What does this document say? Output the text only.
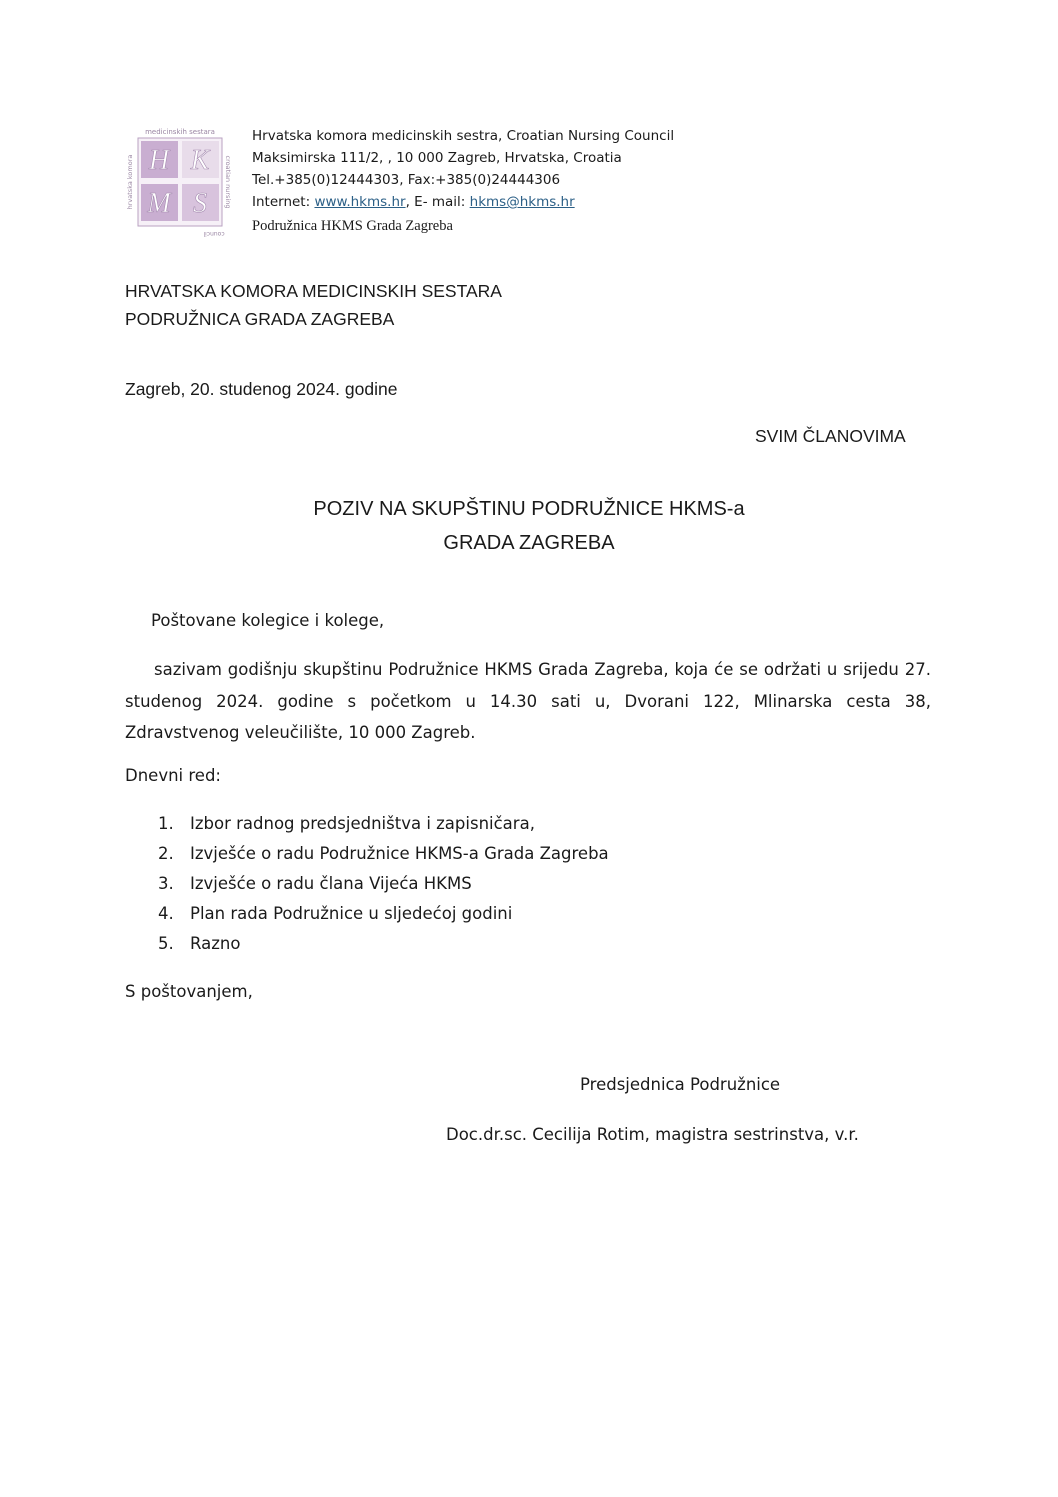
H K
M S
medicinskih sestara
hrvatska komora	croatian nursing
council
Hrvatska komora medicinskih sestra, Croatian Nursing Council
Maksimirska 111/2, , 10 000 Zagreb, Hrvatska, Croatia
Tel.+385(0)12444303, Fax:+385(0)24444306
Internet: www.hkms.hr, E- mail: hkms@hkms.hr
Podružnica HKMS Grada Zagreba
HRVATSKA KOMORA MEDICINSKIH SESTARA
PODRUŽNICA GRADA ZAGREBA
Zagreb, 20. studenog 2024. godine
SVIM ČLANOVIMA
POZIV NA SKUPŠTINU PODRUŽNICE HKMS-a
GRADA ZAGREBA
Poštovane kolegice i kolege,
sazivam godišnju skupštinu Podružnice HKMS Grada Zagreba, koja će se održati u srijedu 27. studenog 2024. godine s početkom u 14.30 sati u, Dvorani 122, Mlinarska cesta 38, Zdravstvenog veleučilište, 10 000 Zagreb.
Dnevni red:
1. Izbor radnog predsjedništva i zapisničara,
2. Izvješće o radu Podružnice HKMS-a Grada Zagreba
3. Izvješće o radu člana Vijeća HKMS
4. Plan rada Podružnice u sljedećoj godini
5. Razno
S poštovanjem,
Predsjednica Podružnice
Doc.dr.sc. Cecilija Rotim, magistra sestrinstva, v.r.
